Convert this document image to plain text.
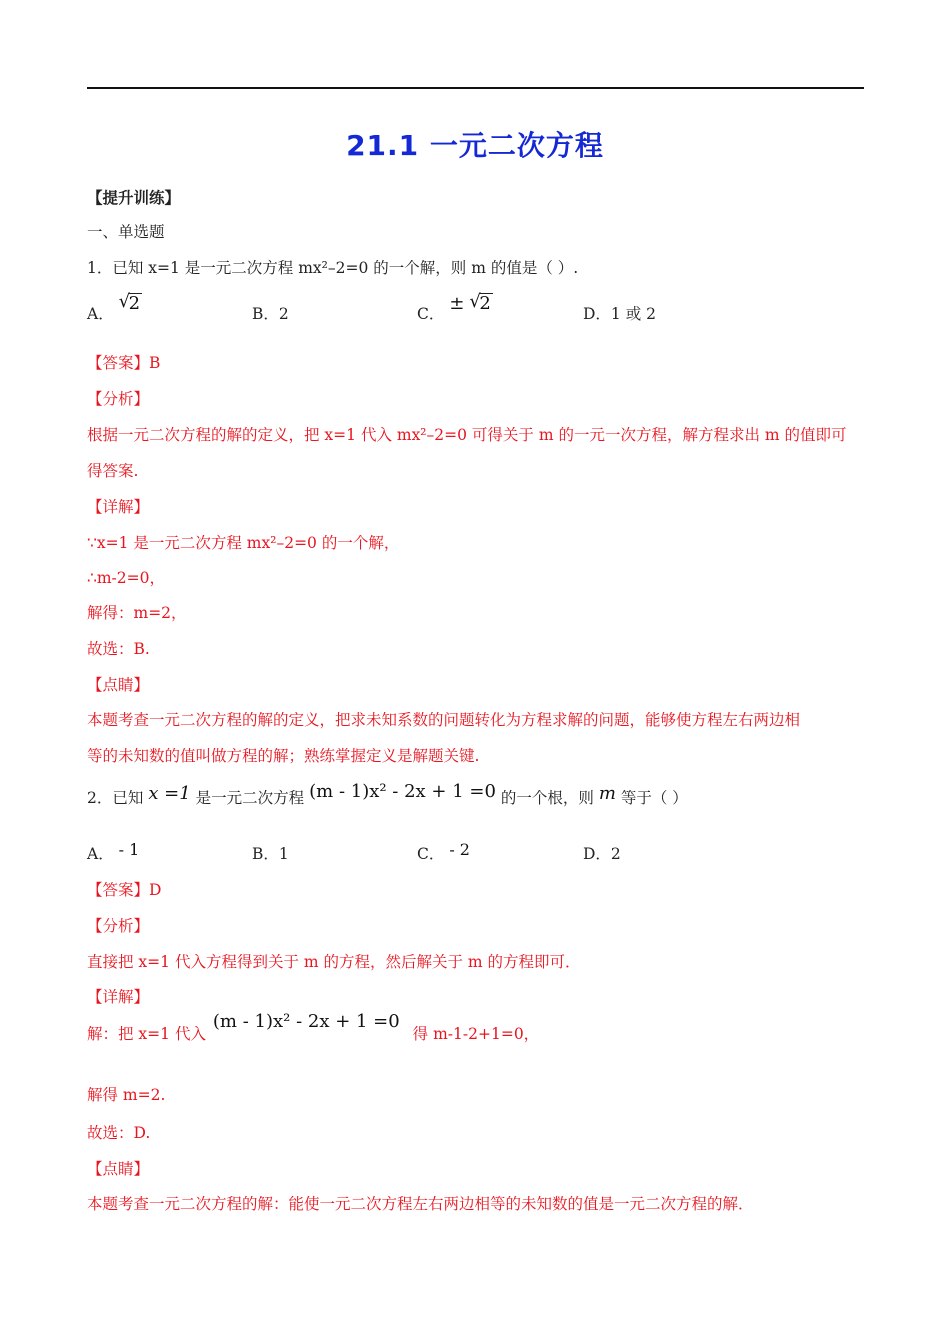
21.1 一元二次方程
【提升训练】
一、单选题
1．已知 x=1 是一元二次方程 mx²–2=0 的一个解，则 m 的值是（ ）.
A．
√
2	B．2	C． ± √
2	D．1 或 2
【答案】B
【分析】
根据一元二次方程的解的定义，把 x=1 代入 mx²–2=0 可得关于 m 的一元一次方程，解方程求出 m 的值即可
得答案.
【详解】
∵x=1 是一元二次方程 mx²–2=0 的一个解，
∴m-2=0，
解得：m=2，
故选：B.
【点睛】
本题考查一元二次方程的解的定义，把求未知系数的问题转化为方程求解的问题，能够使方程左右两边相
等的未知数的值叫做方程的解；熟练掌握定义是解题关键.
2．已知 x =1 是一元二次方程 (m - 1)x² - 2x + 1 =0 的一个根，则 m 等于（ ）
A． - 1	B．1	C． - 2	D．2
【答案】D
【分析】
直接把 x=1 代入方程得到关于 m 的方程，然后解关于 m 的方程即可．
【详解】
解：把 x=1 代入 (m - 1)x² - 2x + 1 =0 得 m-1-2+1=0，
解得 m=2.
故选：D.
【点睛】
本题考查一元二次方程的解：能使一元二次方程左右两边相等的未知数的值是一元二次方程的解．
